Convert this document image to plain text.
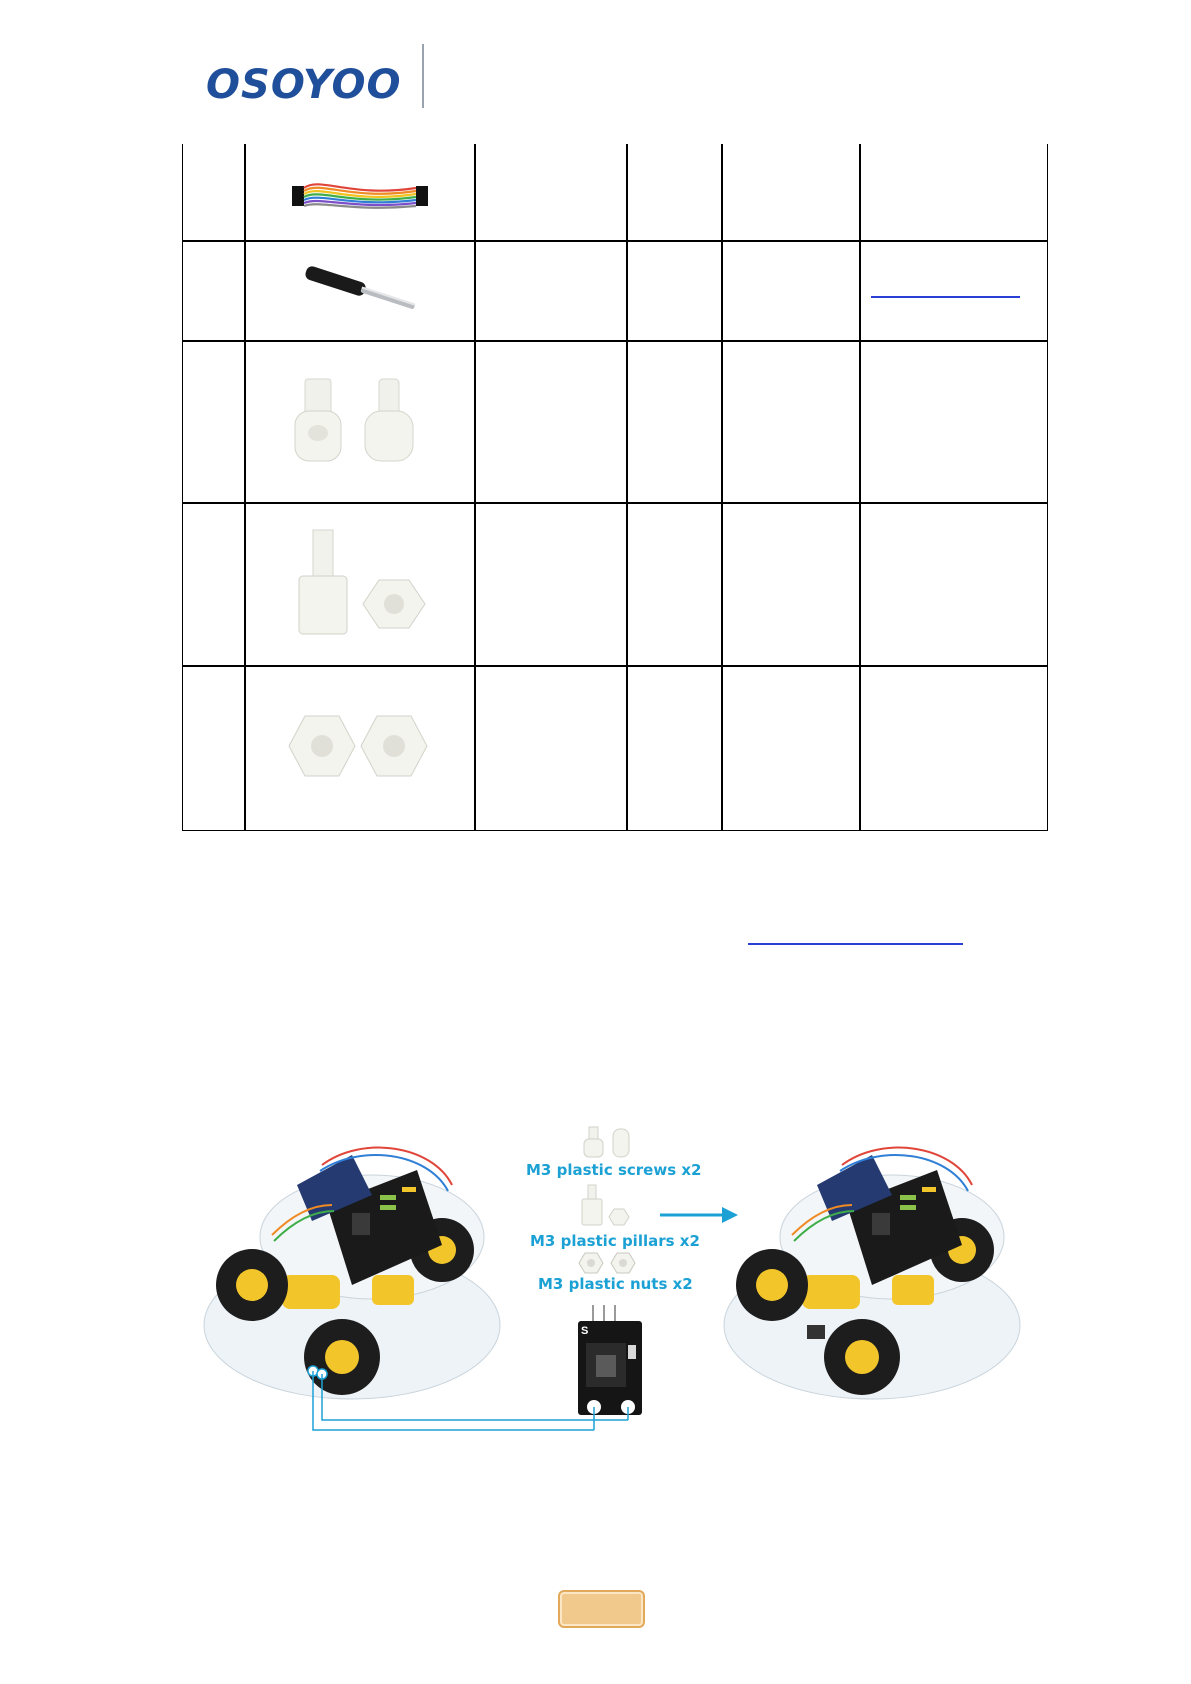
OSOYOO
M3 plastic screws x2
M3 plastic pillars x2
M3 plastic nuts x2
S
